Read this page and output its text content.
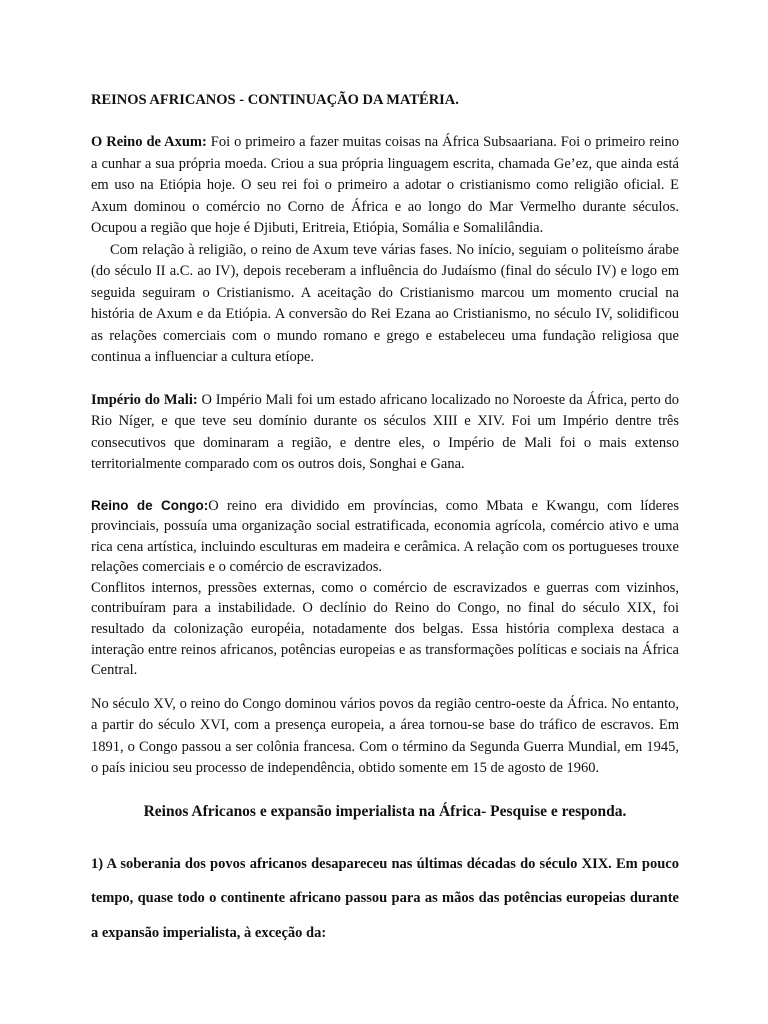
REINOS AFRICANOS - CONTINUAÇÃO DA MATÉRIA.

O Reino de Axum: Foi o primeiro a fazer muitas coisas na África Subsaariana. Foi o primeiro reino a cunhar a sua própria moeda. Criou a sua própria linguagem escrita, chamada Ge’ez, que ainda está em uso na Etiópia hoje. O seu rei foi o primeiro a adotar o cristianismo como religião oficial. E Axum dominou o comércio no Corno de África e ao longo do Mar Vermelho durante séculos. Ocupou a região que hoje é Djibuti, Eritreia, Etiópia, Somália e Somalilândia.

Com relação à religião, o reino de Axum teve várias fases. No início, seguiam o politeísmo árabe (do século II a.C. ao IV), depois receberam a influência do Judaísmo (final do século IV) e logo em seguida seguiram o Cristianismo. A aceitação do Cristianismo marcou um momento crucial na história de Axum e da Etiópia. A conversão do Rei Ezana ao Cristianismo, no século IV, solidificou as relações comerciais com o mundo romano e grego e estabeleceu uma fundação religiosa que continua a influenciar a cultura etíope.

Império do Mali: O Império Mali foi um estado africano localizado no Noroeste da África, perto do Rio Níger, e que teve seu domínio durante os séculos XIII e XIV. Foi um Império dentre três consecutivos que dominaram a região, e dentre eles, o Império de Mali foi o mais extenso territorialmente comparado com os outros dois, Songhai e Gana.

Reino de Congo:O reino era dividido em províncias, como Mbata e Kwangu, com líderes provinciais, possuía uma organização social estratificada, economia agrícola, comércio ativo e uma rica cena artística, incluindo esculturas em madeira e cerâmica. A relação com os portugueses trouxe relações comerciais e o comércio de escravizados.

Conflitos internos, pressões externas, como o comércio de escravizados e guerras com vizinhos, contribuíram para a instabilidade. O declínio do Reino do Congo, no final do século XIX, foi resultado da colonização européia, notadamente dos belgas. Essa história complexa destaca a interação entre reinos africanos, potências europeias e as transformações políticas e sociais na África Central.

No século XV, o reino do Congo dominou vários povos da região centro-oeste da África. No entanto, a partir do século XVI, com a presença europeia, a área tornou-se base do tráfico de escravos. Em 1891, o Congo passou a ser colônia francesa. Com o término da Segunda Guerra Mundial, em 1945, o país iniciou seu processo de independência, obtido somente em 15 de agosto de 1960.

Reinos Africanos e expansão imperialista na África- Pesquise e responda.

1) A soberania dos povos africanos desapareceu nas últimas décadas do século XIX. Em pouco tempo, quase todo o continente africano passou para as mãos das potências europeias durante a expansão imperialista, à exceção da:
